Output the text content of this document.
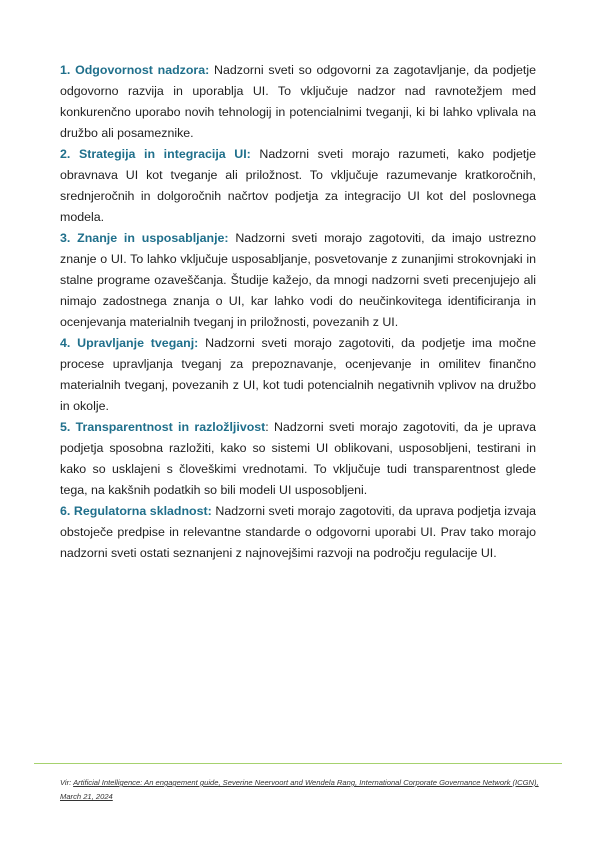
1. Odgovornost nadzora: Nadzorni sveti so odgovorni za zagotavljanje, da podjetje odgovorno razvija in uporablja UI. To vključuje nadzor nad ravnotežjem med konkurenčno uporabo novih tehnologij in potencialnimi tveganji, ki bi lahko vplivala na družbo ali posameznike.

2. Strategija in integracija UI: Nadzorni sveti morajo razumeti, kako podjetje obravnava UI kot tveganje ali priložnost. To vključuje razumevanje kratkoročnih, srednjeročnih in dolgoročnih načrtov podjetja za integracijo UI kot del poslovnega modela.

3. Znanje in usposabljanje: Nadzorni sveti morajo zagotoviti, da imajo ustrezno znanje o UI. To lahko vključuje usposabljanje, posvetovanje z zunanjimi strokovnjaki in stalne programe ozaveščanja. Študije kažejo, da mnogi nadzorni sveti precenjujejo ali nimajo zadostnega znanja o UI, kar lahko vodi do neučinkovitega identificiranja in ocenjevanja materialnih tveganj in priložnosti, povezanih z UI.

4. Upravljanje tveganj: Nadzorni sveti morajo zagotoviti, da podjetje ima močne procese upravljanja tveganj za prepoznavanje, ocenjevanje in omilitev finančno materialnih tveganj, povezanih z UI, kot tudi potencialnih negativnih vplivov na družbo in okolje.

5. Transparentnost in razložljivost: Nadzorni sveti morajo zagotoviti, da je uprava podjetja sposobna razložiti, kako so sistemi UI oblikovani, usposobljeni, testirani in kako so usklajeni s človeškimi vrednotami. To vključuje tudi transparentnost glede tega, na kakšnih podatkih so bili modeli UI usposobljeni.

6. Regulatorna skladnost: Nadzorni sveti morajo zagotoviti, da uprava podjetja izvaja obstoječe predpise in relevantne standarde o odgovorni uporabi UI. Prav tako morajo nadzorni sveti ostati seznanjeni z najnovejšimi razvoji na področju regulacije UI.

Vir: Artificial Intelligence: An engagement guide, Severine Neervoort and Wendela Rang, International Corporate Governance Network (ICGN), March 21, 2024
